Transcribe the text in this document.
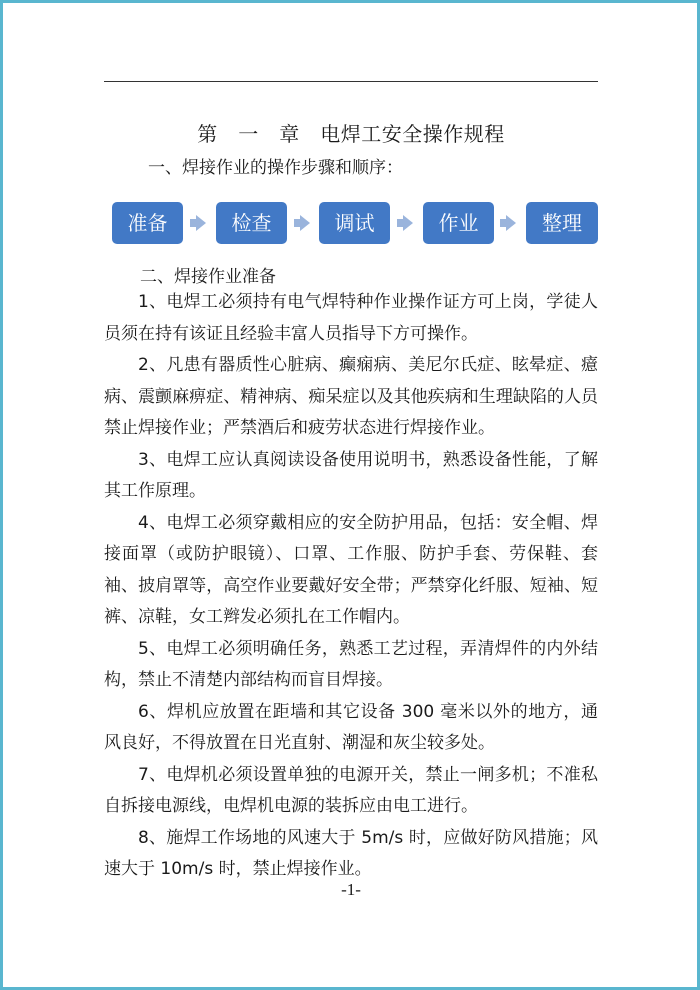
第　一　章　电焊工安全操作规程
一、焊接作业的操作步骤和顺序：
准备	检查	调试	作业	整理
二、焊接作业准备

1、电焊工必须持有电气焊特种作业操作证方可上岗，学徒人员须在持有该证且经验丰富人员指导下方可操作。

2、凡患有器质性心脏病、癫痫病、美尼尔氏症、眩晕症、癔病、震颤麻痹症、精神病、痴呆症以及其他疾病和生理缺陷的人员禁止焊接作业；严禁酒后和疲劳状态进行焊接作业。

3、电焊工应认真阅读设备使用说明书，熟悉设备性能，了解其工作原理。

4、电焊工必须穿戴相应的安全防护用品，包括：安全帽、焊接面罩（或防护眼镜）、口罩、工作服、防护手套、劳保鞋、套袖、披肩罩等，高空作业要戴好安全带；严禁穿化纤服、短袖、短裤、凉鞋，女工辫发必须扎在工作帽内。

5、电焊工必须明确任务，熟悉工艺过程，弄清焊件的内外结构，禁止不清楚内部结构而盲目焊接。

6、焊机应放置在距墙和其它设备 300 毫米以外的地方，通风良好，不得放置在日光直射、潮湿和灰尘较多处。

7、电焊机必须设置单独的电源开关，禁止一闸多机；不准私自拆接电源线，电焊机电源的装拆应由电工进行。

8、施焊工作场地的风速大于 5m/s 时，应做好防风措施；风速大于 10m/s 时，禁止焊接作业。

-1-
